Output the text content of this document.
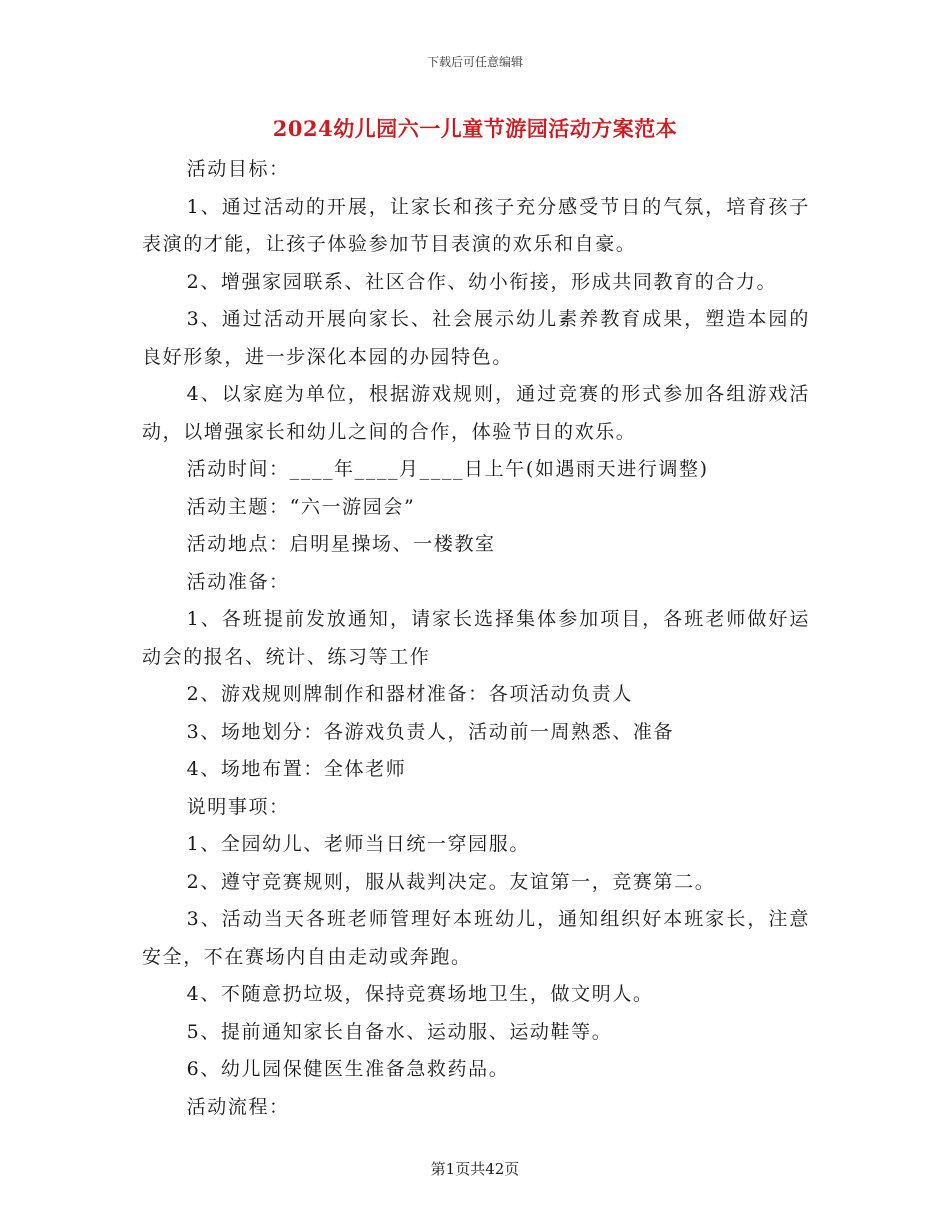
下载后可任意编辑
2024幼儿园六一儿童节游园活动方案范本

活动目标：

1、通过活动的开展，让家长和孩子充分感受节日的气氛，培育孩子表演的才能，让孩子体验参加节目表演的欢乐和自豪。

2、增强家园联系、社区合作、幼小衔接，形成共同教育的合力。

3、通过活动开展向家长、社会展示幼儿素养教育成果，塑造本园的良好形象，进一步深化本园的办园特色。

4、以家庭为单位，根据游戏规则，通过竞赛的形式参加各组游戏活动，以增强家长和幼儿之间的合作，体验节日的欢乐。

活动时间：____年____月____日上午(如遇雨天进行调整)

活动主题：“六一游园会”

活动地点：启明星操场、一楼教室

活动准备：

1、各班提前发放通知，请家长选择集体参加项目，各班老师做好运动会的报名、统计、练习等工作

2、游戏规则牌制作和器材准备：各项活动负责人

3、场地划分：各游戏负责人，活动前一周熟悉、准备

4、场地布置：全体老师

说明事项：

1、全园幼儿、老师当日统一穿园服。

2、遵守竞赛规则，服从裁判决定。友谊第一，竞赛第二。

3、活动当天各班老师管理好本班幼儿，通知组织好本班家长，注意安全，不在赛场内自由走动或奔跑。

4、不随意扔垃圾，保持竞赛场地卫生，做文明人。

5、提前通知家长自备水、运动服、运动鞋等。

6、幼儿园保健医生准备急救药品。

活动流程：

第1页共42页
